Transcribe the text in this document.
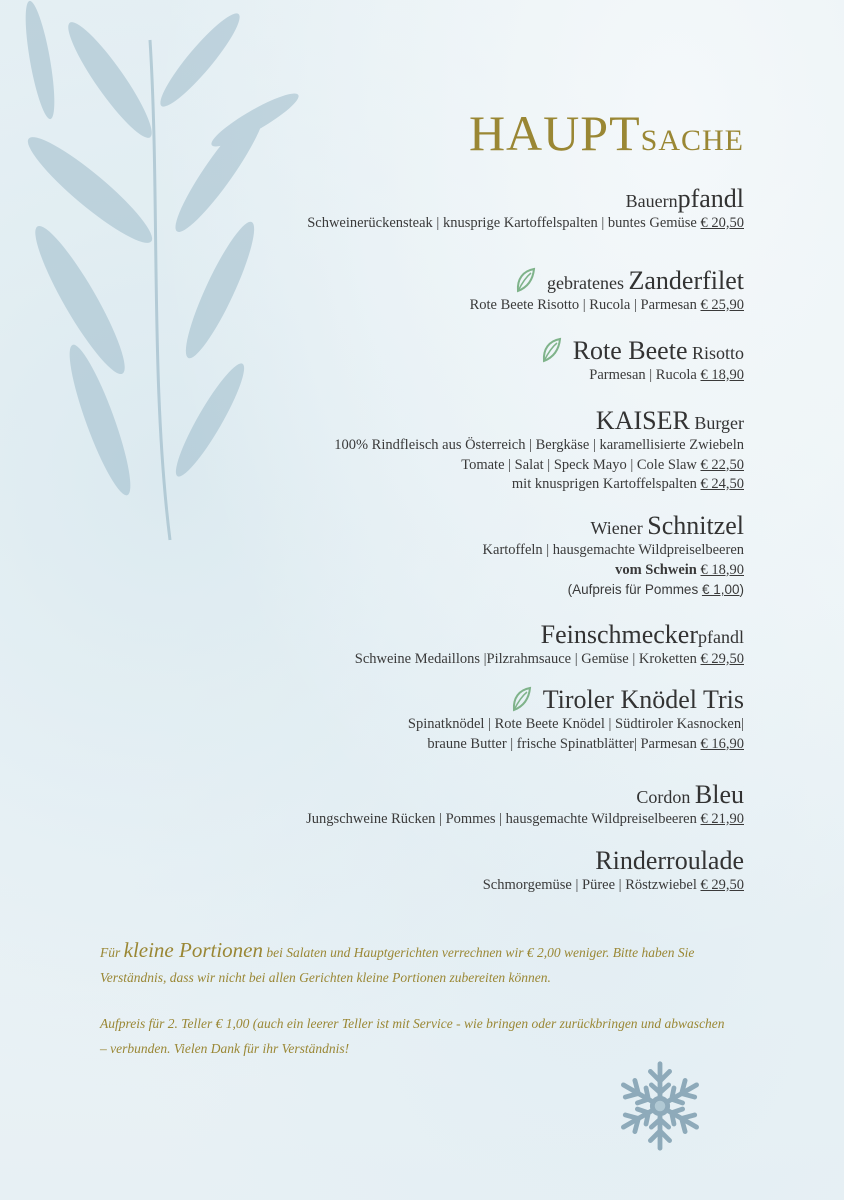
HAUPTSACHE
Bauernpfandl
Schweinerückensteak | knusprige Kartoffelspalten | buntes Gemüse € 20,50
gebratenes Zanderfilet
Rote Beete Risotto | Rucola | Parmesan € 25,90
Rote Beete Risotto
Parmesan | Rucola € 18,90
KAISER Burger
100% Rindfleisch aus Österreich | Bergkäse | karamellisierte Zwiebeln
Tomate | Salat | Speck Mayo | Cole Slaw € 22,50
mit knusprigen Kartoffelspalten € 24,50
Wiener Schnitzel
Kartoffeln | hausgemachte Wildpreiselbeeren
vom Schwein € 18,90
(Aufpreis für Pommes € 1,00)
Feinschmeckerpfandl
Schweine Medaillons |Pilzrahmsauce | Gemüse | Kroketten € 29,50
Tiroler Knödel Tris
Spinatknödel | Rote Beete Knödel | Südtiroler Kasnocken|
braune Butter | frische Spinatblätter| Parmesan € 16,90
Cordon Bleu
Jungschweine Rücken | Pommes | hausgemachte Wildpreiselbeeren € 21,90
Rinderroulade
Schmorgemüse | Püree | Röstzwiebel € 29,50
Für kleine Portionen bei Salaten und Hauptgerichten verrechnen wir € 2,00 weniger. Bitte haben Sie
Verständnis, dass wir nicht bei allen Gerichten kleine Portionen zubereiten können.
Aufpreis für 2. Teller € 1,00 (auch ein leerer Teller ist mit Service - wie bringen oder zurückbringen und abwaschen
– verbunden. Vielen Dank für ihr Verständnis!
